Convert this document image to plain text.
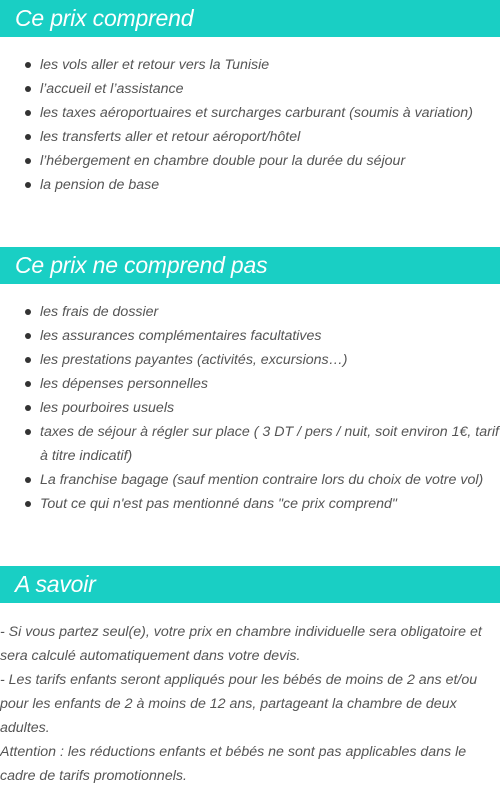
Ce prix comprend
les vols aller et retour vers la Tunisie
l’accueil et l’assistance
les taxes aéroportuaires et surcharges carburant (soumis à variation)
les transferts aller et retour aéroport/hôtel
l’hébergement en chambre double pour la durée du séjour
la pension de base
Ce prix ne comprend pas
les frais de dossier
les assurances complémentaires facultatives
les prestations payantes (activités, excursions…)
les dépenses personnelles
les pourboires usuels
taxes de séjour à régler sur place ( 3 DT / pers / nuit, soit environ 1€, tarif à titre indicatif)
La franchise bagage (sauf mention contraire lors du choix de votre vol)
Tout ce qui n'est pas mentionné dans "ce prix comprend"
A savoir

- Si vous partez seul(e), votre prix en chambre individuelle sera obligatoire et sera calculé automatiquement dans votre devis.

- Les tarifs enfants seront appliqués pour les bébés de moins de 2 ans et/ou pour les enfants de 2 à moins de 12 ans, partageant la chambre de deux adultes.

Attention : les réductions enfants et bébés ne sont pas applicables dans le cadre de tarifs promotionnels.
